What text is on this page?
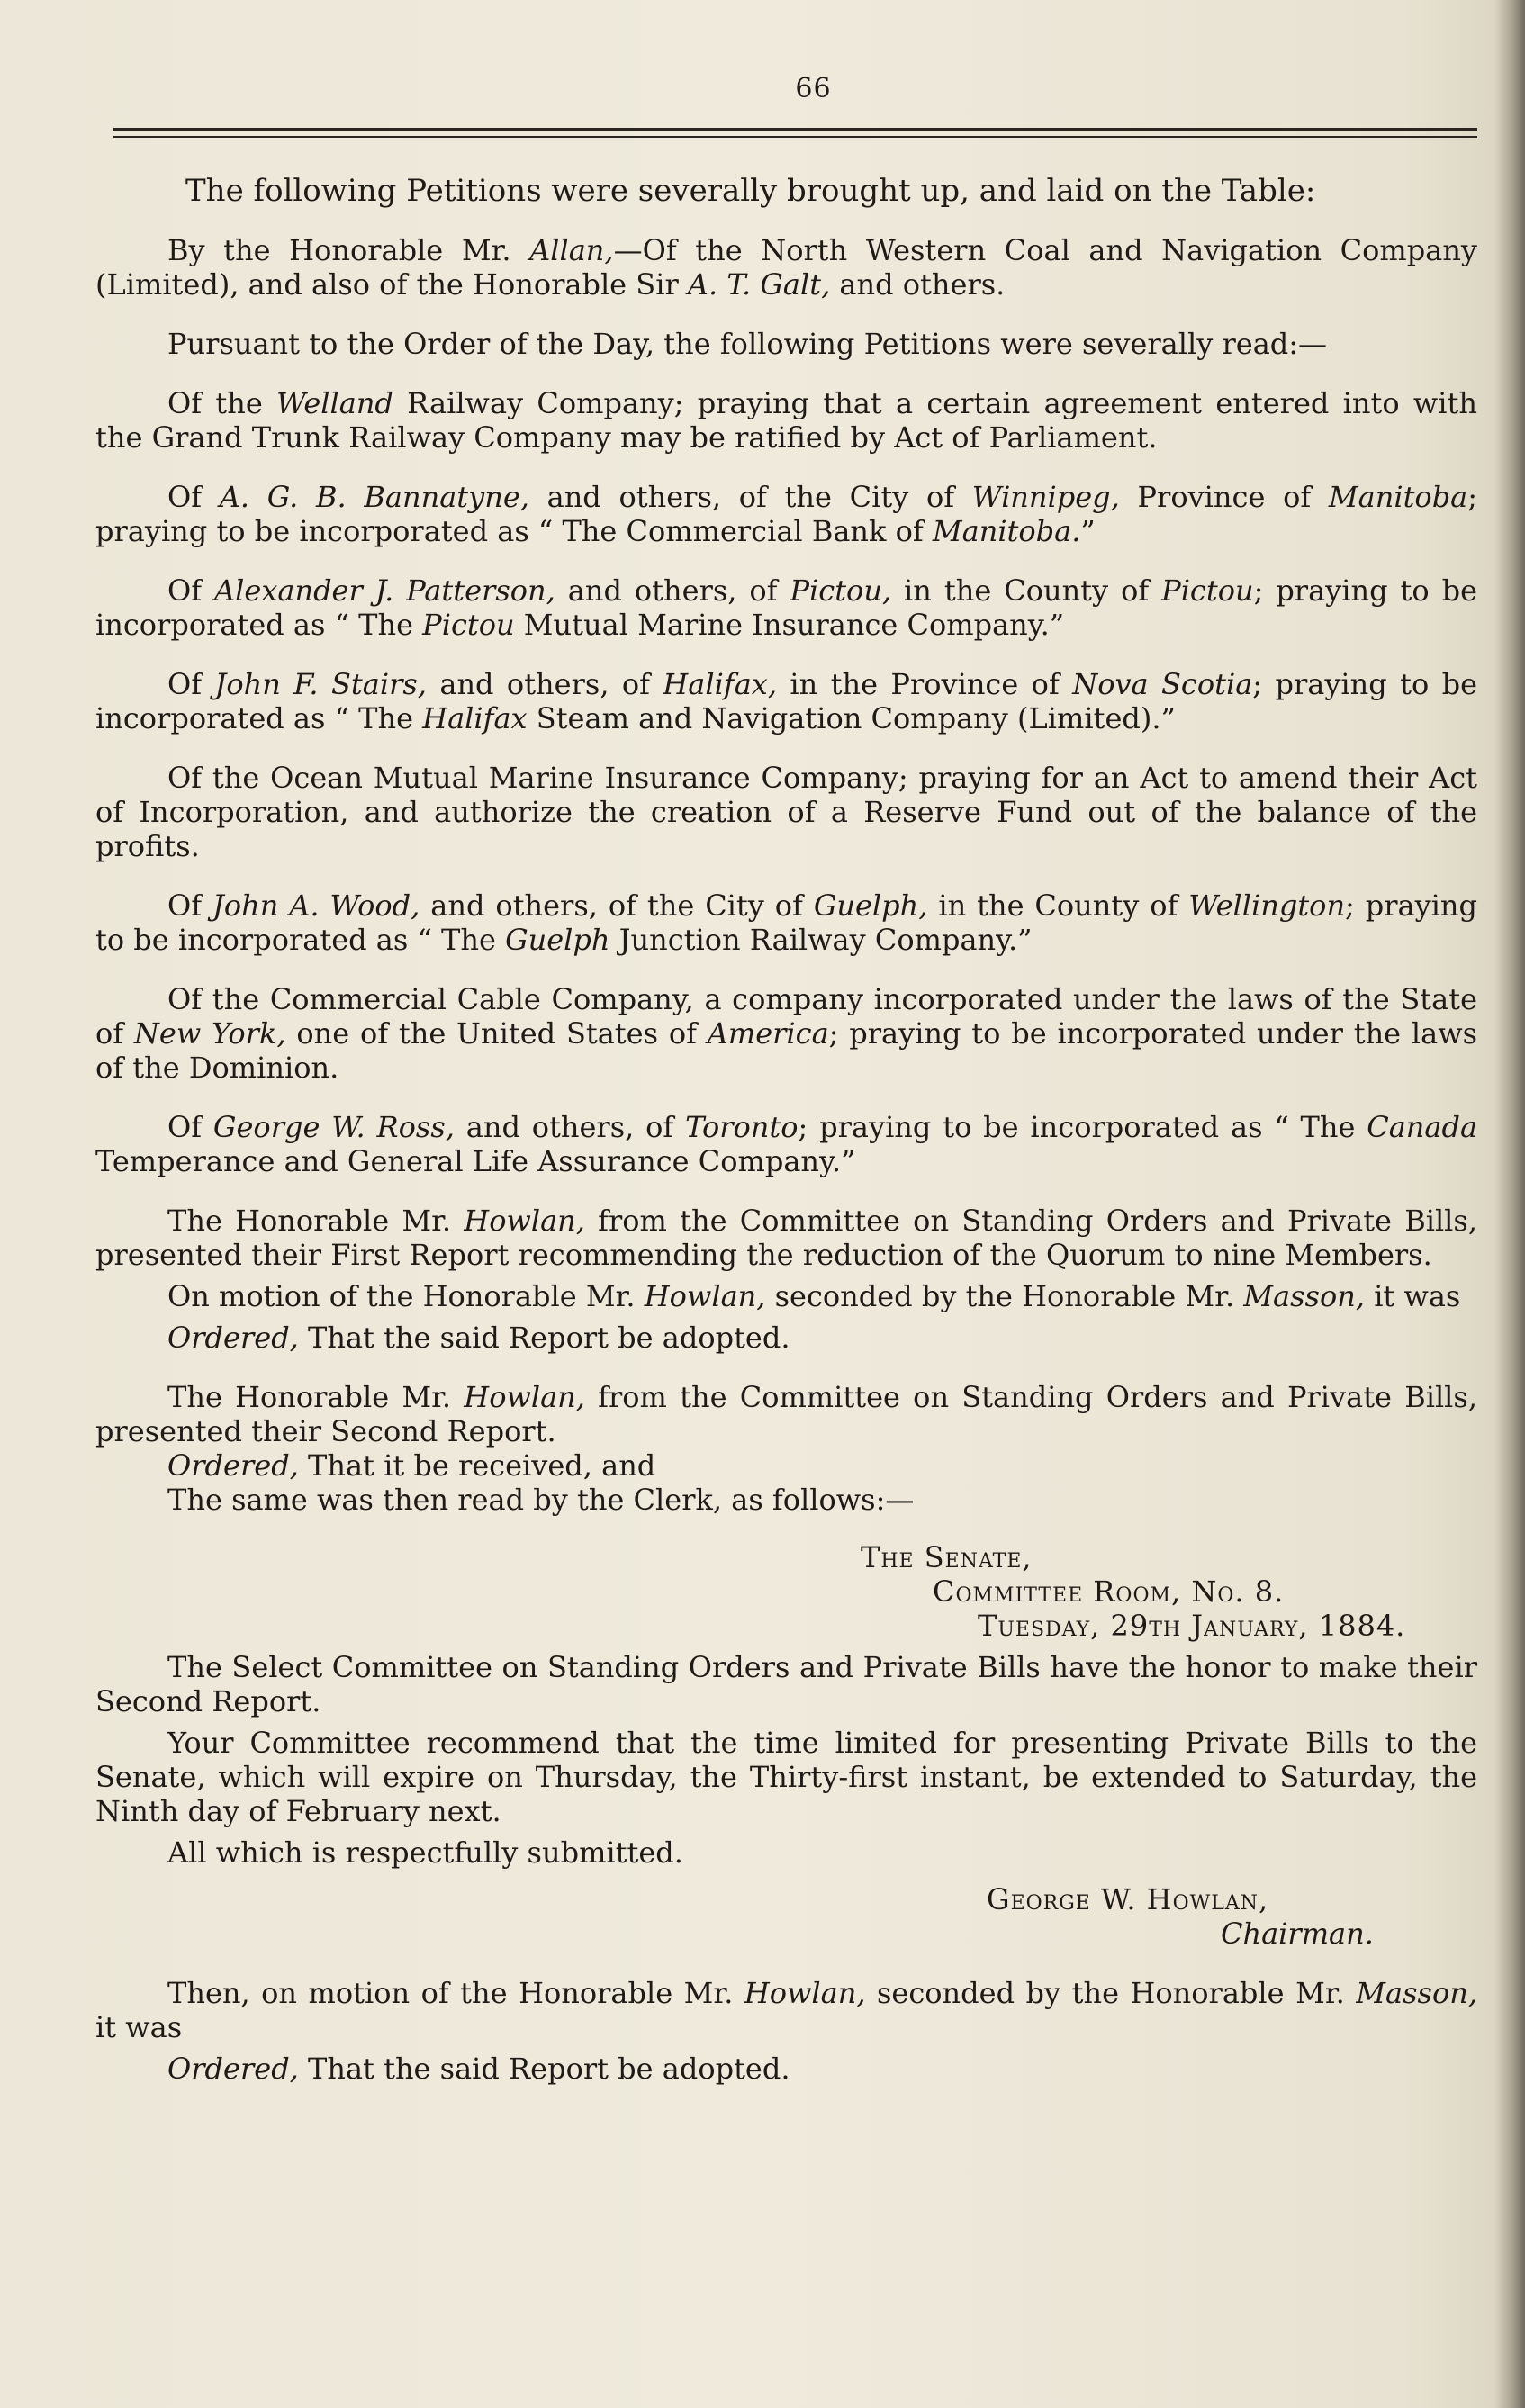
66

The following Petitions were severally brought up, and laid on the Table:

By the Honorable Mr. Allan,—Of the North Western Coal and Navigation Company (Limited), and also of the Honorable Sir A. T. Galt, and others.

Pursuant to the Order of the Day, the following Petitions were severally read:—

Of the Welland Railway Company; praying that a certain agreement entered into with the Grand Trunk Railway Company may be ratified by Act of Parliament.

Of A. G. B. Bannatyne, and others, of the City of Winnipeg, Province of Manitoba; praying to be incorporated as “ The Commercial Bank of Manitoba.”

Of Alexander J. Patterson, and others, of Pictou, in the County of Pictou; praying to be incorporated as “ The Pictou Mutual Marine Insurance Company.”

Of John F. Stairs, and others, of Halifax, in the Province of Nova Scotia; praying to be incorporated as “ The Halifax Steam and Navigation Company (Limited).”

Of the Ocean Mutual Marine Insurance Company; praying for an Act to amend their Act of Incorporation, and authorize the creation of a Reserve Fund out of the balance of the profits.

Of John A. Wood, and others, of the City of Guelph, in the County of Wellington; praying to be incorporated as “ The Guelph Junction Railway Company.”

Of the Commercial Cable Company, a company incorporated under the laws of the State of New York, one of the United States of America; praying to be incorporated under the laws of the Dominion.

Of George W. Ross, and others, of Toronto; praying to be incorporated as “ The Canada Temperance and General Life Assurance Company.”

The Honorable Mr. Howlan, from the Committee on Standing Orders and Private Bills, presented their First Report recommending the reduction of the Quorum to nine Members.

On motion of the Honorable Mr. Howlan, seconded by the Honorable Mr. Masson, it was

Ordered, That the said Report be adopted.

The Honorable Mr. Howlan, from the Committee on Standing Orders and Private Bills, presented their Second Report.

Ordered, That it be received, and

The same was then read by the Clerk, as follows:—

The Senate,

Committee Room, No. 8.

Tuesday, 29th January, 1884.

The Select Committee on Standing Orders and Private Bills have the honor to make their Second Report.

Your Committee recommend that the time limited for presenting Private Bills to the Senate, which will expire on Thursday, the Thirty-first instant, be extended to Saturday, the Ninth day of February next.

All which is respectfully submitted.

George W. Howlan,

Chairman.

Then, on motion of the Honorable Mr. Howlan, seconded by the Honorable Mr. Masson, it was

Ordered, That the said Report be adopted.
